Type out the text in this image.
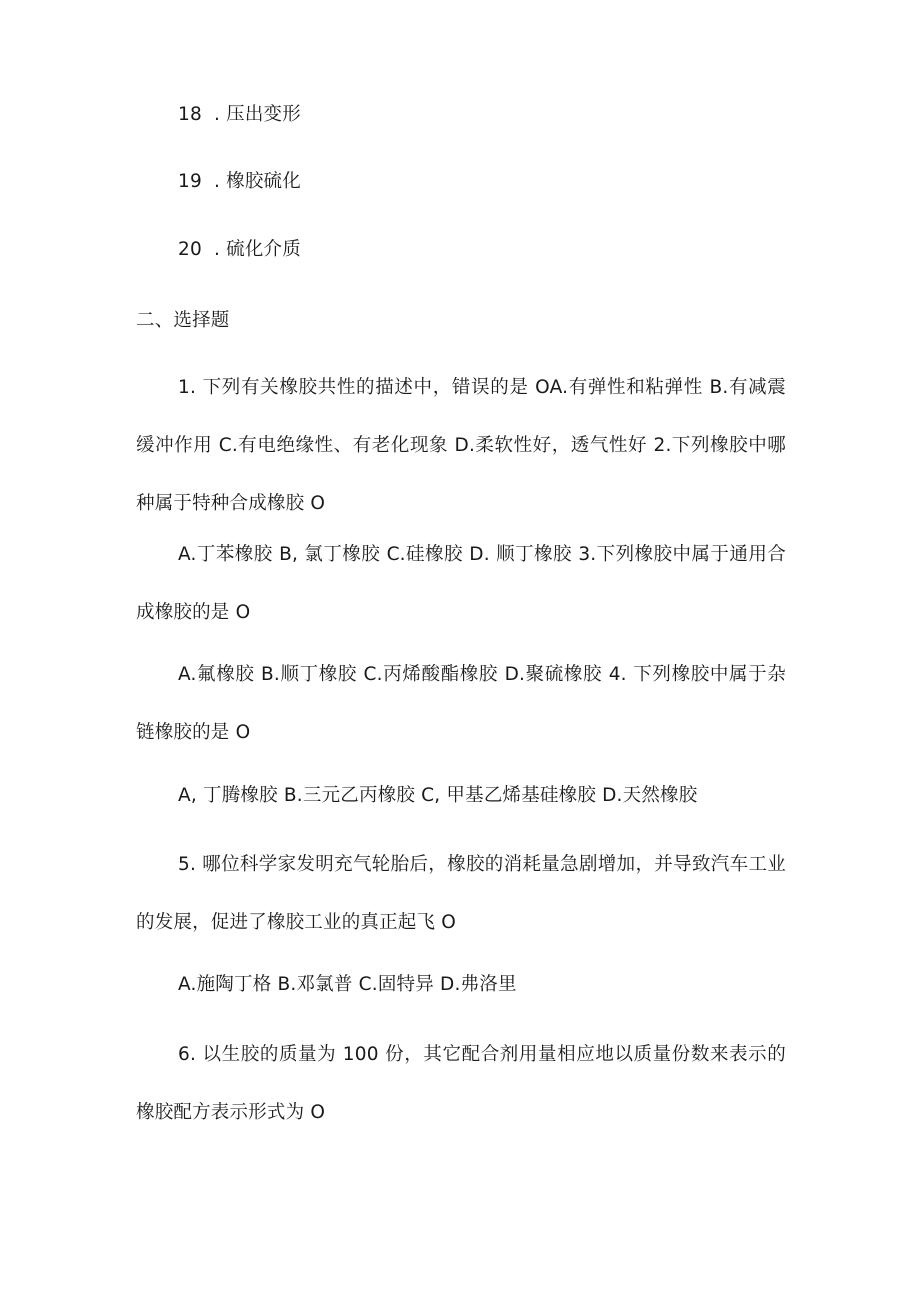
18 . 压出变形
19 . 橡胶硫化
20 . 硫化介质
二、选择题
1. 下列有关橡胶共性的描述中，错误的是 OA.有弹性和粘弹性 B.有减震缓冲作用 C.有电绝缘性、有老化现象 D.柔软性好，透气性好 2.下列橡胶中哪种属于特种合成橡胶 O
A.丁苯橡胶 B, 氯丁橡胶 C.硅橡胶 D. 顺丁橡胶 3.下列橡胶中属于通用合成橡胶的是 O
A.氟橡胶 B.顺丁橡胶 C.丙烯酸酯橡胶 D.聚硫橡胶 4. 下列橡胶中属于杂链橡胶的是 O
A, 丁腾橡胶 B.三元乙丙橡胶 C, 甲基乙烯基硅橡胶 D.天然橡胶
5. 哪位科学家发明充气轮胎后，橡胶的消耗量急剧增加，并导致汽车工业的发展，促进了橡胶工业的真正起飞 O
A.施陶丁格 B.邓氯普 C.固特异 D.弗洛里
6. 以生胶的质量为 100 份，其它配合剂用量相应地以质量份数来表示的橡胶配方表示形式为 O
